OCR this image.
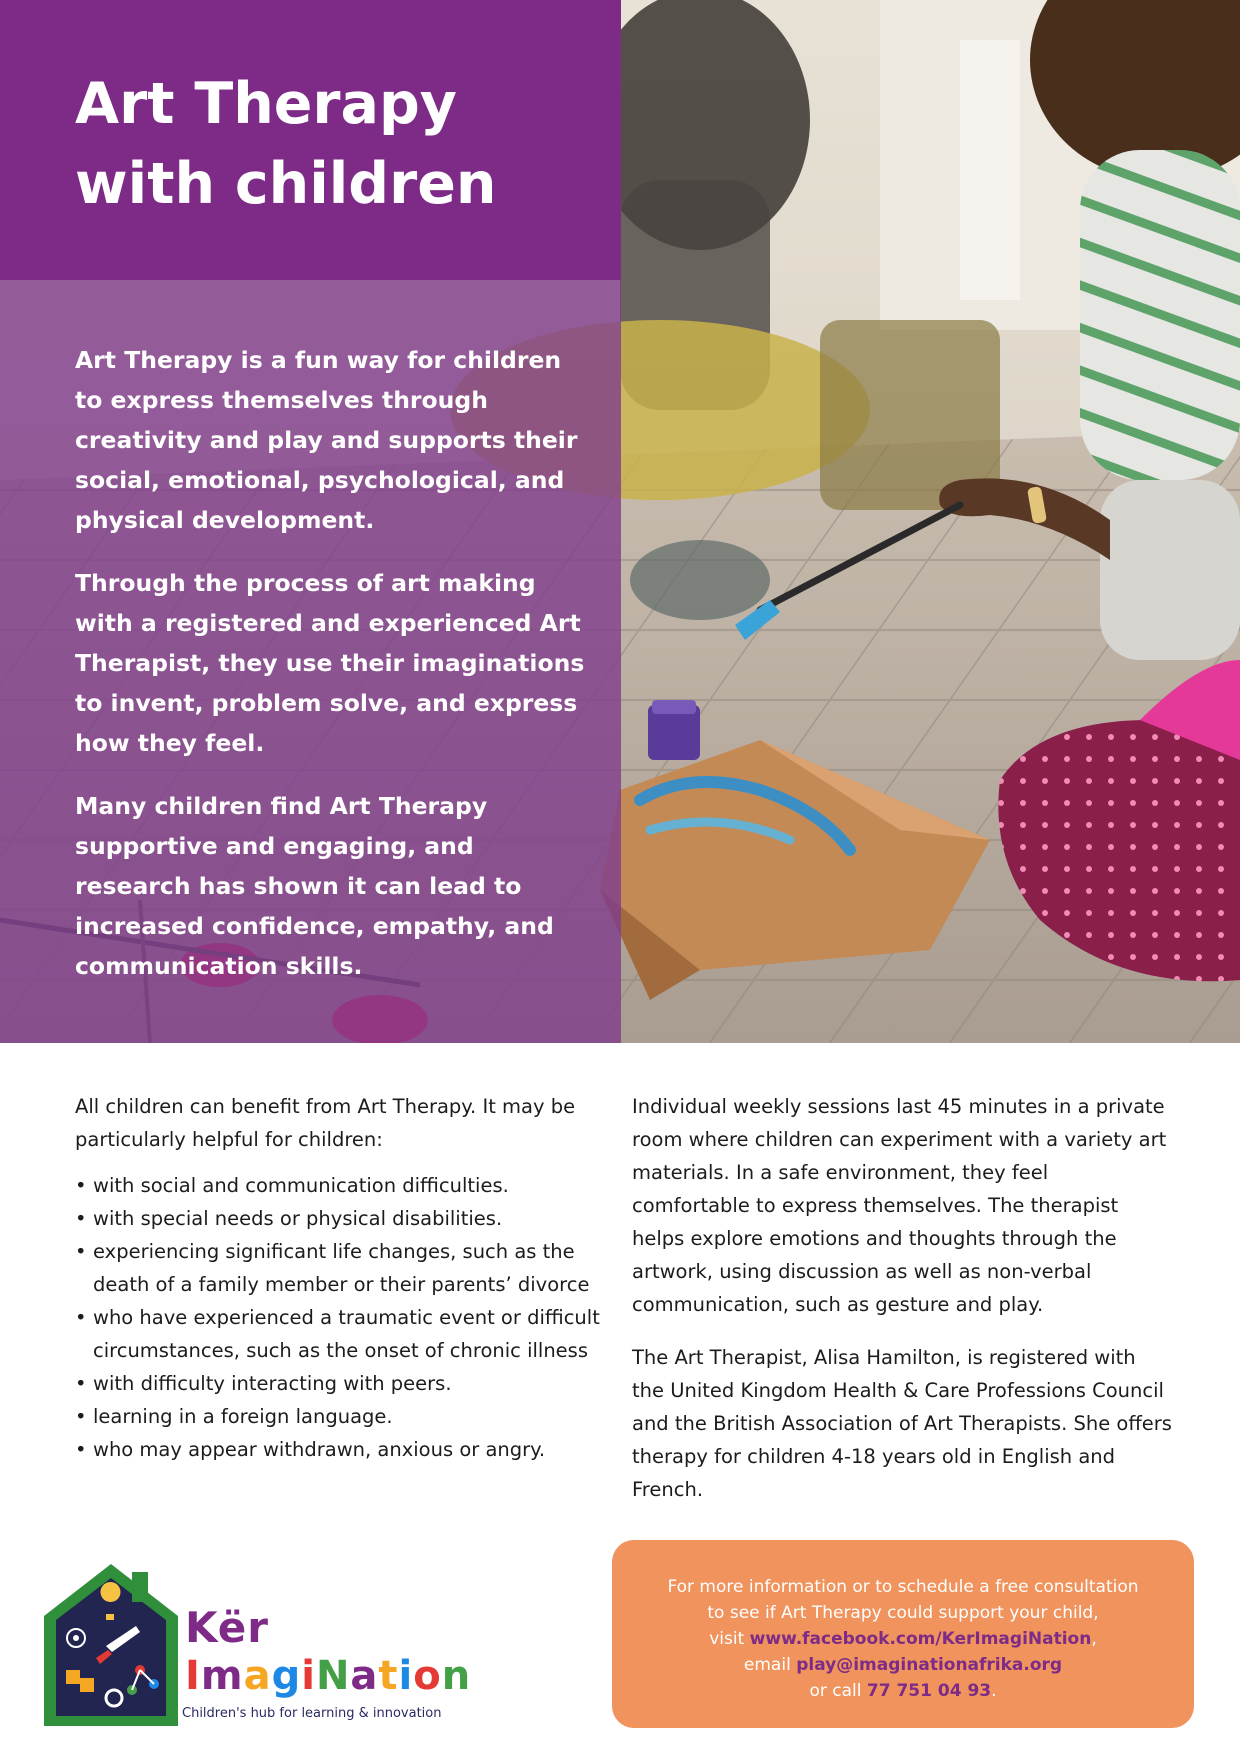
Art Therapy with children

Art Therapy is a fun way for children to express themselves through creativity and play and supports their social, emotional, psychological, and physical development.

Through the process of art making with a registered and experienced Art Therapist, they use their imaginations to invent, problem solve, and express how they feel.

Many children find Art Therapy supportive and engaging, and research has shown it can lead to increased confidence, empathy, and communication skills.

All children can benefit from Art Therapy. It may be particularly helpful for children:

• with social and communication difficulties.
• with special needs or physical disabilities.
• experiencing significant life changes, such as the death of a family member or their parents’ divorce
• who have experienced a traumatic event or difficult circumstances, such as the onset of chronic illness
• with difficulty interacting with peers.
• learning in a foreign language.
• who may appear withdrawn, anxious or angry.

Individual weekly sessions last 45 minutes in a private room where children can experiment with a variety art materials. In a safe environment, they feel comfortable to express themselves. The therapist helps explore emotions and thoughts through the artwork, using discussion as well as non-verbal communication, such as gesture and play.

The Art Therapist, Alisa Hamilton, is registered with the United Kingdom Health & Care Professions Council and the British Association of Art Therapists. She offers therapy for children 4-18 years old in English and French.

Kër
ImagiNation
Children's hub for learning & innovation
For more information or to schedule a free consultation
to see if Art Therapy could support your child,
visit www.facebook.com/KerImagiNation,
email play@imaginationafrika.org
or call 77 751 04 93.
